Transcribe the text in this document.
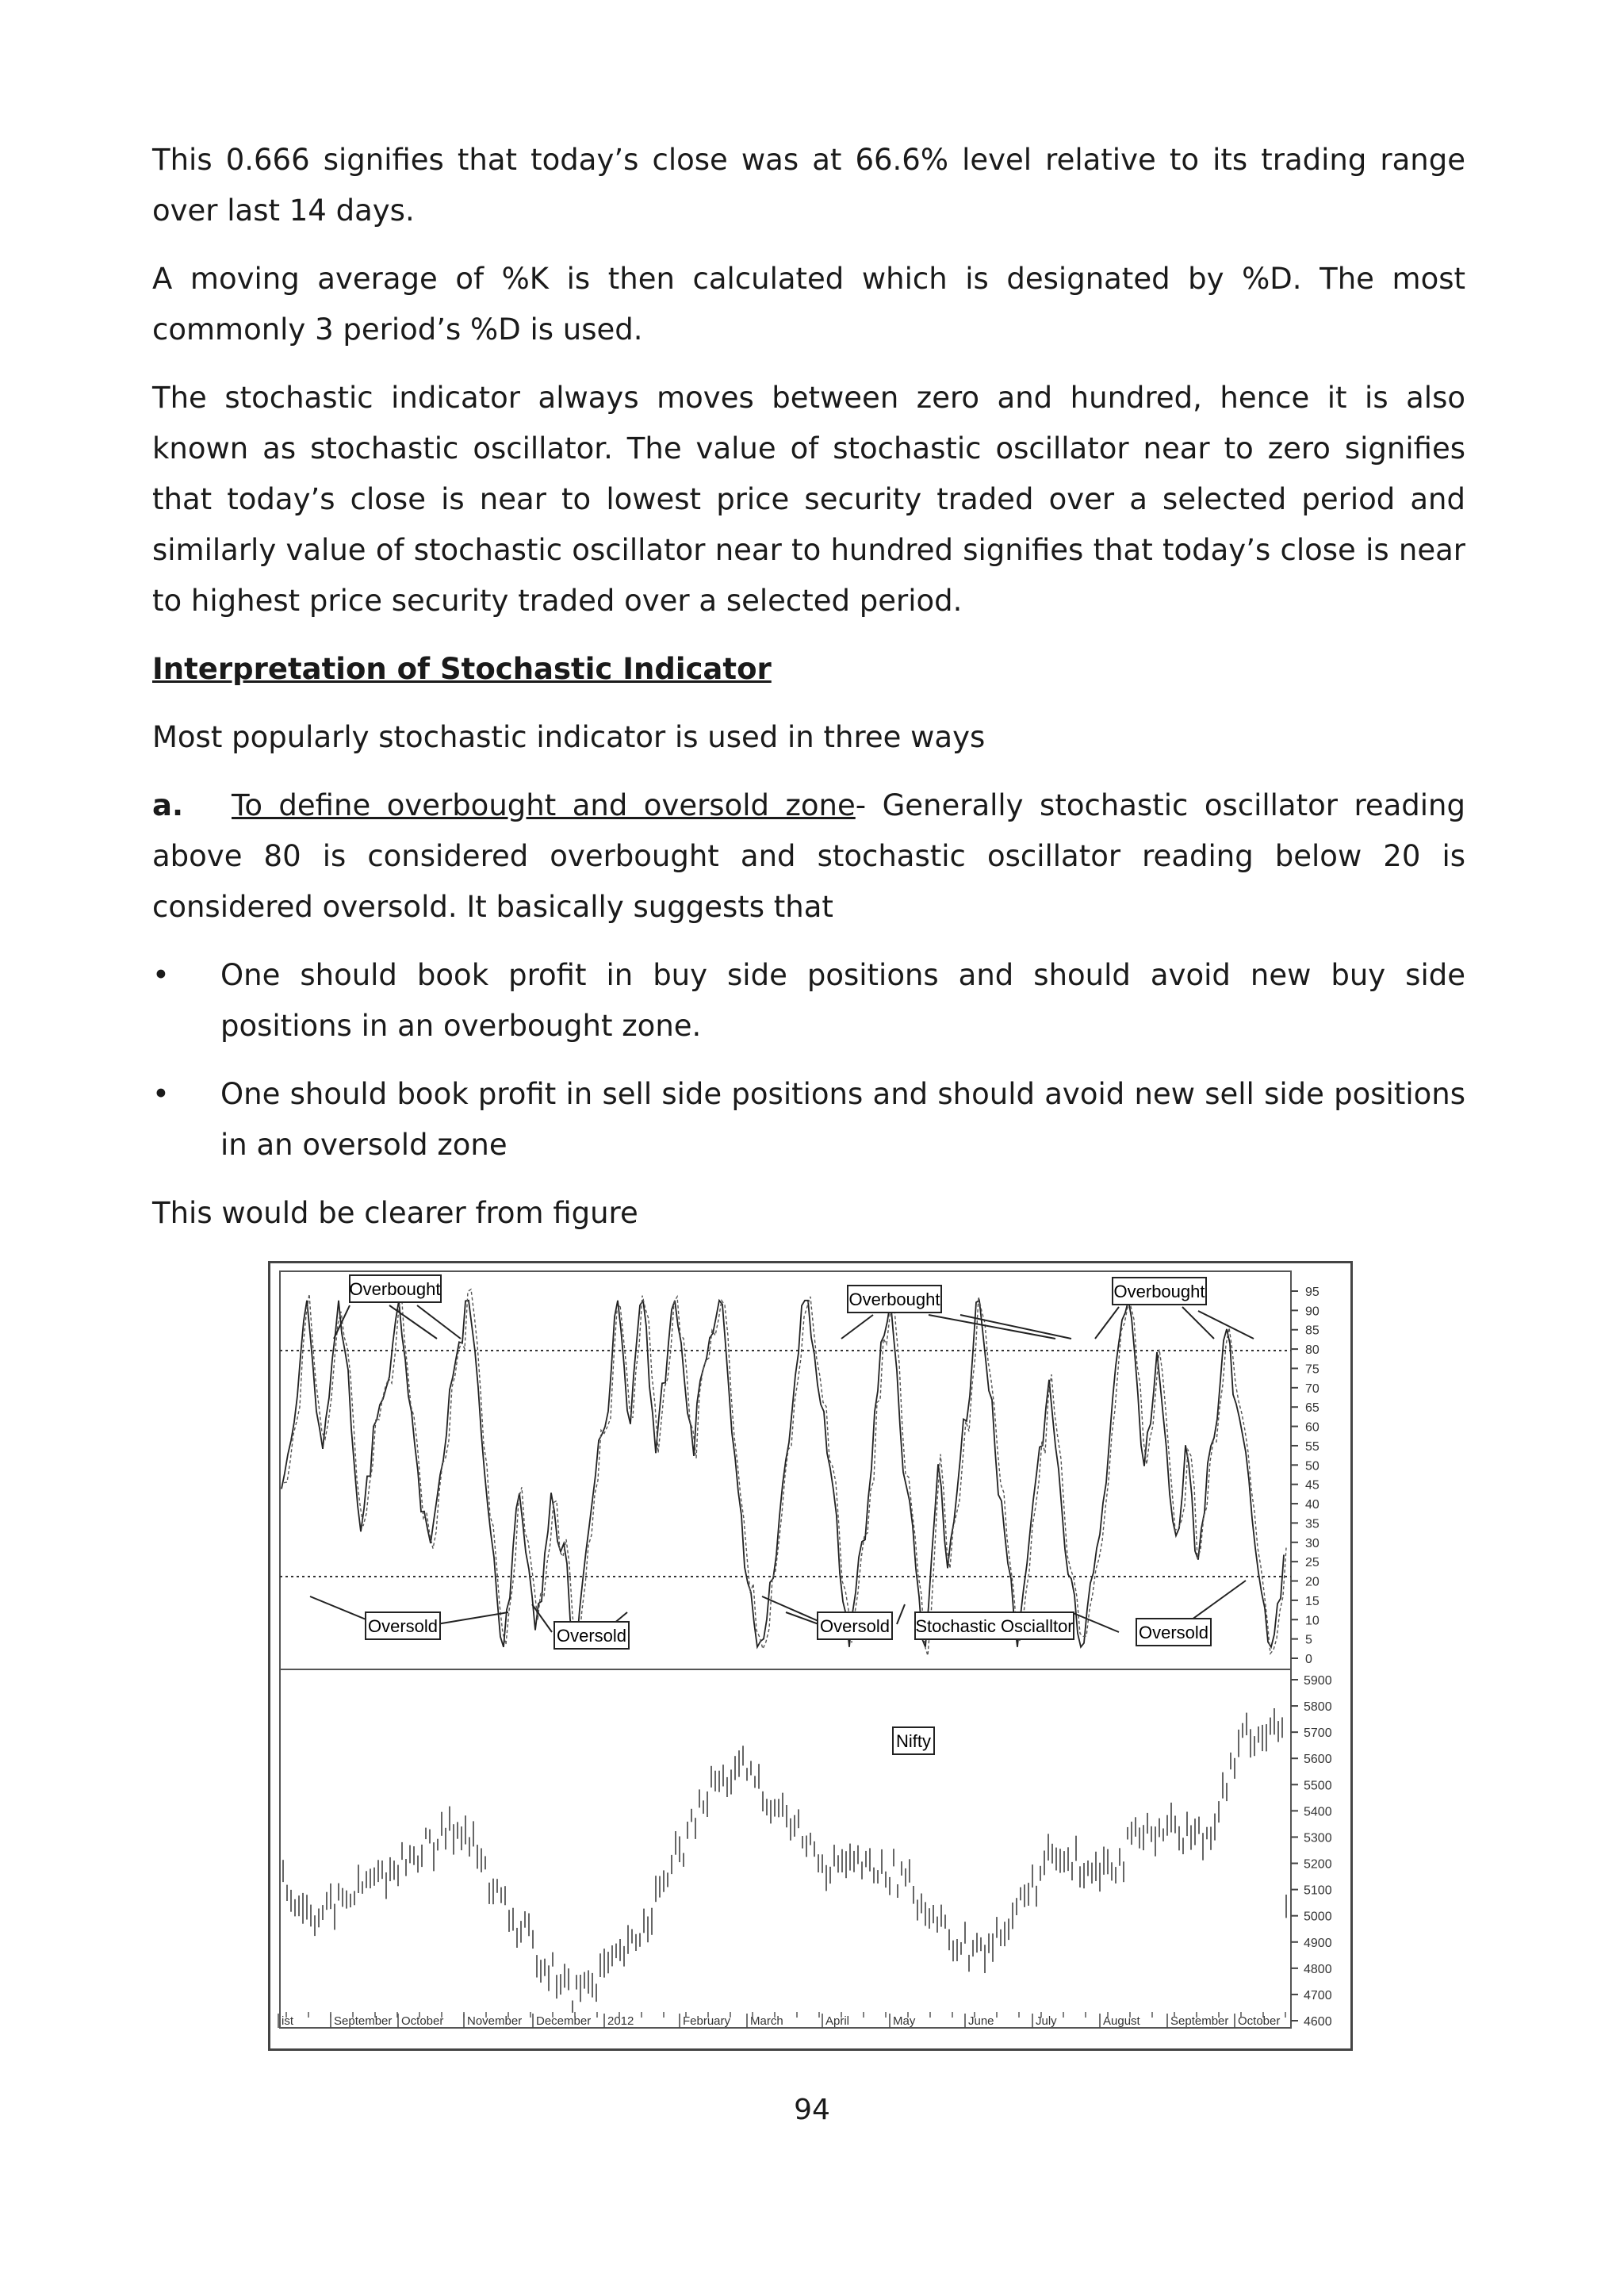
This 0.666 signifies that today’s close was at 66.6% level relative to its trading range over last 14 days.

A moving average of %K is then calculated which is designated by %D. The most commonly 3 period’s %D is used.

The stochastic indicator always moves between zero and hundred, hence it is also known as stochastic oscillator. The value of stochastic oscillator near to zero signifies that today’s close is near to lowest price security traded over a selected period and similarly value of stochastic oscillator near to hundred signifies that today’s close is near to highest price security traded over a selected period.

Interpretation of Stochastic Indicator

Most popularly stochastic indicator is used in three ways

a. To define overbought and oversold zone- Generally stochastic oscillator reading above 80 is considered overbought and stochastic oscillator reading below 20 is considered oversold. It basically suggests that

• One should book profit in buy side positions and should avoid new buy side positions in an overbought zone.
• One should book profit in sell side positions and should avoid new sell side positions in an oversold zone

This would be clearer from figure

95
90
85
80
75
70
65
60
55
50
45
40
35
30
25
20
15
10
5
0
5900
5800
5700
5600
5500
5400
5300
5200
5100
5000
4900
4800
4700
4600
ist	September October November December 2012	February March	April	May	June	July	August	September October
Overbought
Overbought	Overbought
Oversold	Oversold	Oversold Stochastic Oscialltor	Oversold
Nifty
94
